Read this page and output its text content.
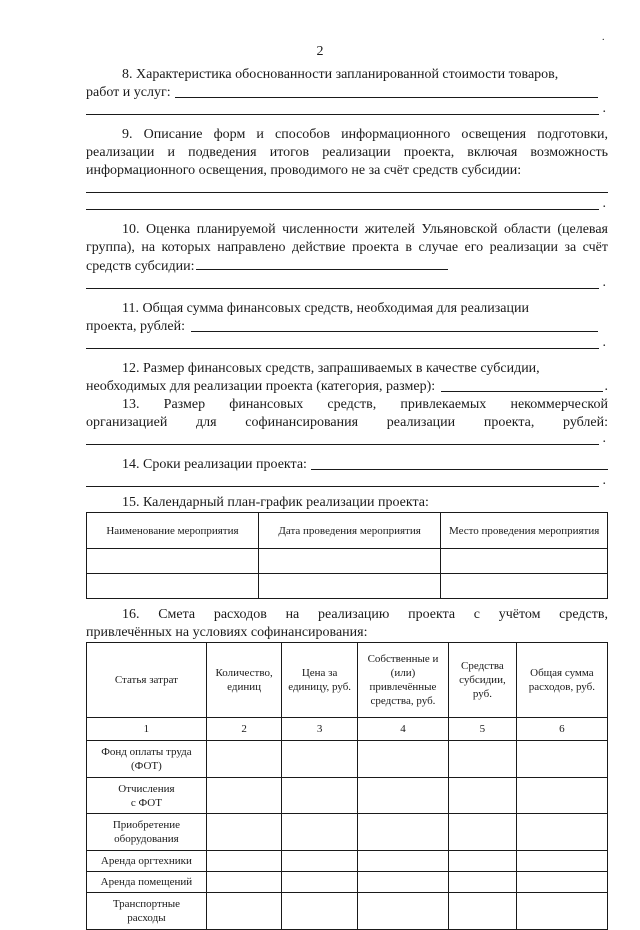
2
.
8. Характеристика обоснованности запланированной стоимости товаров,
работ и услуг:
.
9. Описание форм и способов информационного освещения подготовки, реализации и подведения итогов реализации проекта, включая возможность информационного освещения, проводимого не за счёт средств субсидии:
.
10. Оценка планируемой численности жителей Ульяновской области (целевая группа), на которых направлено действие проекта в случае его реализации за счёт средств субсидии:
.
11. Общая сумма финансовых средств, необходимая для реализации
проекта, рублей:
.
12. Размер финансовых средств, запрашиваемых в качестве субсидии,
необходимых для реализации проекта (категория, размер):	.
13. Размер финансовых средств, привлекаемых некоммерческой
организацией для софинансирования реализации проекта, рублей:
.
14. Сроки реализации проекта:
.
15. Календарный план-график реализации проекта:
Наименование мероприятия	Дата проведения мероприятия	Место проведения мероприятия

16. Смета расходов на реализацию проекта с учётом средств,
привлечённых на условиях софинансирования:
Статья затрат	Количество, единиц	Цена за единицу, руб.	Собственные и (или) привлечённые средства, руб.	Средства субсидии, руб.	Общая сумма расходов, руб.
1	2	3	4	5	6
Фонд оплаты труда (ФОТ)					

Отчисления с ФОТ					

Приобретение оборудования					
Аренда оргтехники					
Аренда помещений					

Транспортные расходы					
